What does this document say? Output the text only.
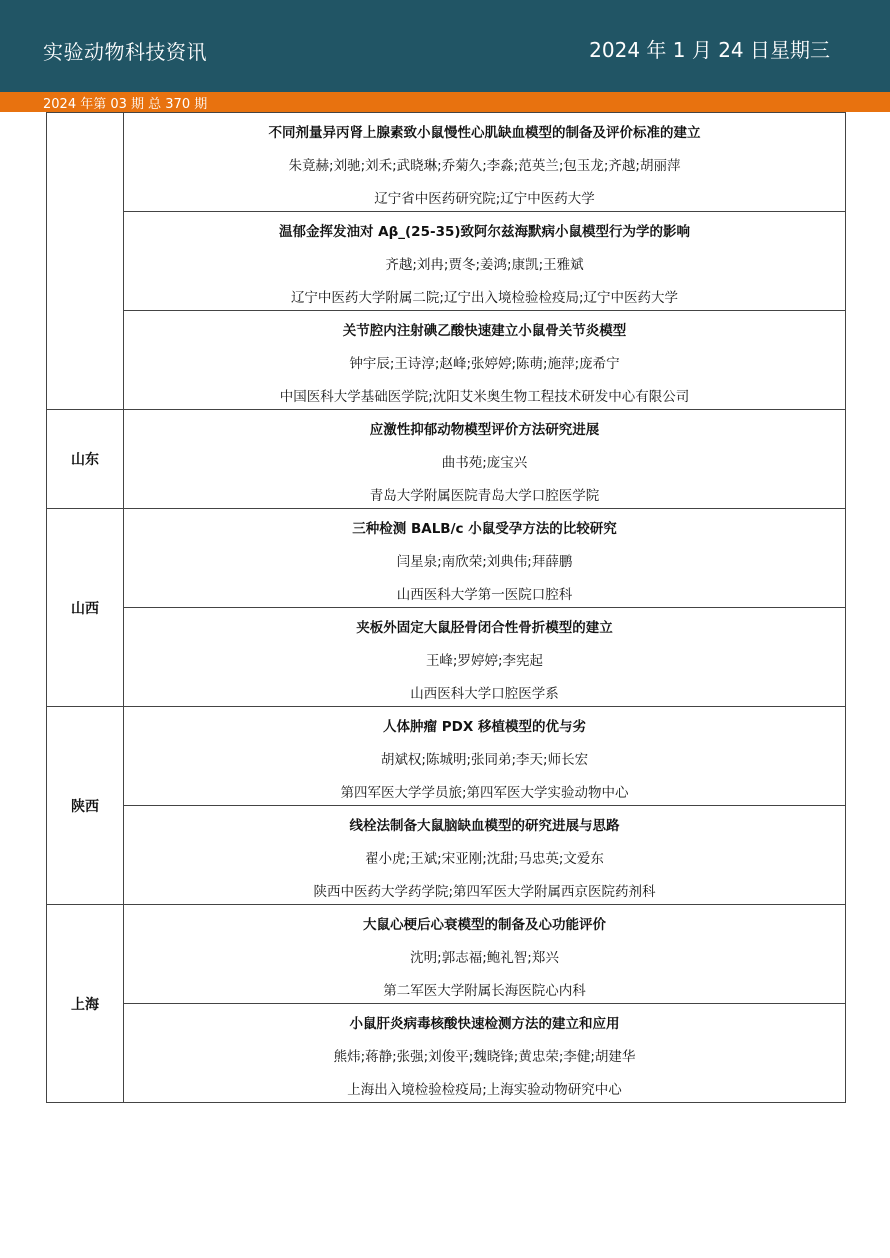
实验动物科技资讯	2024 年 1 月 24 日星期三
2024 年第 03 期 总 370 期

	不同剂量异丙肾上腺素致小鼠慢性心肌缺血模型的制备及评价标准的建立
朱竟赫;刘驰;刘禾;武晓琳;乔菊久;李淼;范英兰;包玉龙;齐越;胡丽萍
辽宁省中医药研究院;辽宁中医药大学

	温郁金挥发油对 Aβ_(25-35)致阿尔兹海默病小鼠模型行为学的影响
齐越;刘冉;贾冬;姜鸿;康凯;王雅斌
辽宁中医药大学附属二院;辽宁出入境检验检疫局;辽宁中医药大学

	关节腔内注射碘乙酸快速建立小鼠骨关节炎模型
钟宇辰;王诗淳;赵峰;张婷婷;陈萌;施萍;庞希宁
中国医科大学基础医学院;沈阳艾米奥生物工程技术研发中心有限公司

山东	应激性抑郁动物模型评价方法研究进展
曲书苑;庞宝兴
青岛大学附属医院青岛大学口腔医学院

山西	三种检测 BALB/c 小鼠受孕方法的比较研究
闫星泉;南欣荣;刘典伟;拜薛鹏
山西医科大学第一医院口腔科

	夹板外固定大鼠胫骨闭合性骨折模型的建立
王峰;罗婷婷;李宪起
山西医科大学口腔医学系

陕西	人体肿瘤 PDX 移植模型的优与劣
胡斌权;陈城明;张同弟;李天;师长宏
第四军医大学学员旅;第四军医大学实验动物中心

	线栓法制备大鼠脑缺血模型的研究进展与思路
翟小虎;王斌;宋亚刚;沈甜;马忠英;文爱东
陕西中医药大学药学院;第四军医大学附属西京医院药剂科

上海	大鼠心梗后心衰模型的制备及心功能评价
沈明;郭志福;鲍礼智;郑兴
第二军医大学附属长海医院心内科

	小鼠肝炎病毒核酸快速检测方法的建立和应用
熊炜;蒋静;张强;刘俊平;魏晓锋;黄忠荣;李健;胡建华
上海出入境检验检疫局;上海实验动物研究中心
